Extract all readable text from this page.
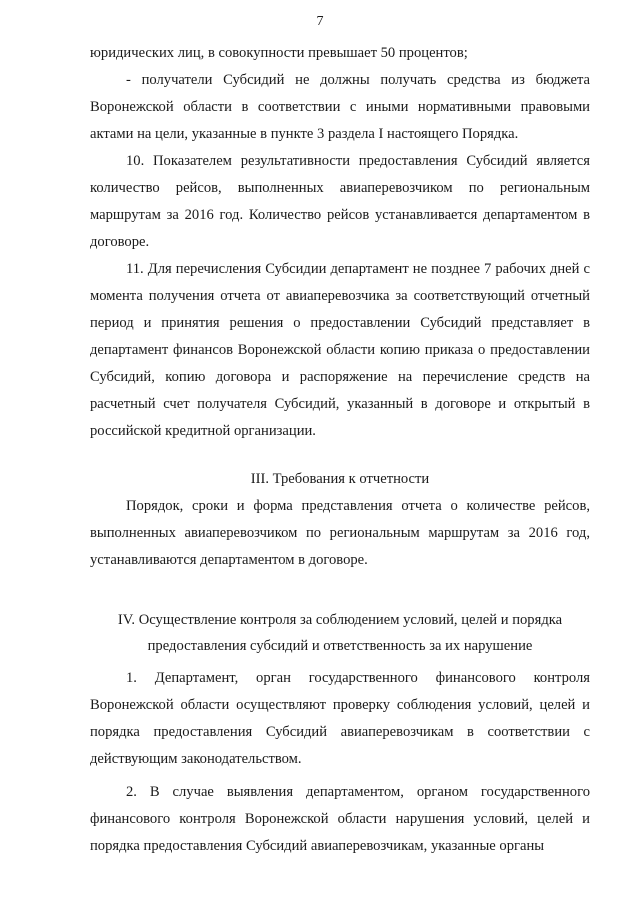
7

юридических лиц, в совокупности превышает 50 процентов;

- получатели Субсидий не должны получать средства из бюджета Воронежской области в соответствии с иными нормативными правовыми актами на цели, указанные в пункте 3 раздела I настоящего Порядка.

10. Показателем результативности предоставления Субсидий является количество рейсов, выполненных авиаперевозчиком по региональным маршрутам за 2016 год. Количество рейсов устанавливается департаментом в договоре.

11. Для перечисления Субсидии департамент не позднее 7 рабочих дней с момента получения отчета от авиаперевозчика за соответствующий отчетный период и принятия решения о предоставлении Субсидий представляет в департамент финансов Воронежской области копию приказа о предоставлении Субсидий, копию договора и распоряжение на перечисление средств на расчетный счет получателя Субсидий, указанный в договоре и открытый в российской кредитной организации.

III. Требования к отчетности

Порядок, сроки и форма представления отчета о количестве рейсов, выполненных авиаперевозчиком по региональным маршрутам за 2016 год, устанавливаются департаментом в договоре.

IV. Осуществление контроля за соблюдением условий, целей и порядка

предоставления субсидий и ответственность за их нарушение

1. Департамент, орган государственного финансового контроля Воронежской области осуществляют проверку соблюдения условий, целей и порядка предоставления Субсидий авиаперевозчикам в соответствии с действующим законодательством.

2. В случае выявления департаментом, органом государственного финансового контроля Воронежской области нарушения условий, целей и порядка предоставления Субсидий авиаперевозчикам, указанные органы
